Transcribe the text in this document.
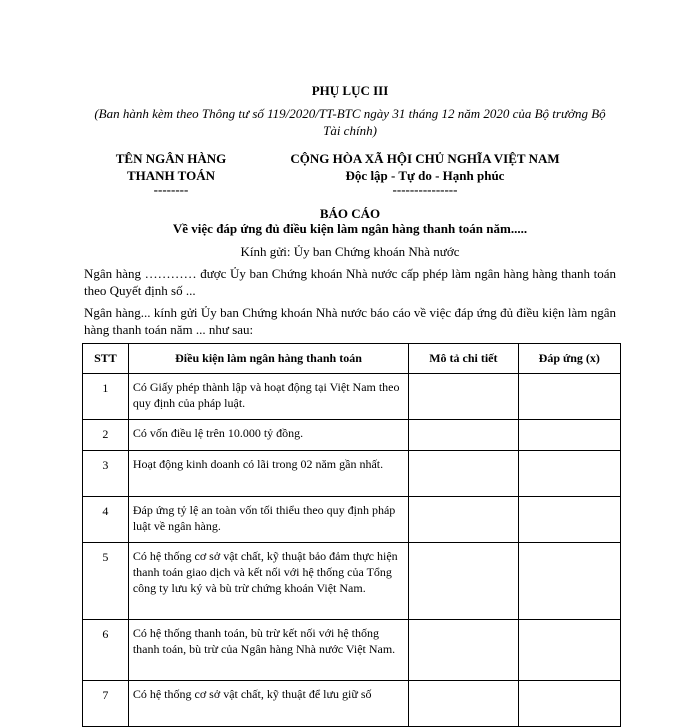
PHỤ LỤC III
(Ban hành kèm theo Thông tư số 119/2020/TT-BTC ngày 31 tháng 12 năm 2020 của Bộ trưởng Bộ Tài chính)
TÊN NGÂN HÀNG
THANH TOÁN
--------
CỘNG HÒA XÃ HỘI CHỦ NGHĨA VIỆT NAM
Độc lập - Tự do - Hạnh phúc
---------------
BÁO CÁO
Về việc đáp ứng đủ điều kiện làm ngân hàng thanh toán năm.....
Kính gửi: Ủy ban Chứng khoán Nhà nước
Ngân hàng ………… được Ủy ban Chứng khoán Nhà nước cấp phép làm ngân hàng hàng thanh toán theo Quyết định số ...
Ngân hàng... kính gửi Ủy ban Chứng khoán Nhà nước báo cáo về việc đáp ứng đủ điều kiện làm ngân hàng thanh toán năm ... như sau:
STT	Điều kiện làm ngân hàng thanh toán	Mô tả chi tiết	Đáp ứng (x)
1	Có Giấy phép thành lập và hoạt động tại Việt Nam theo quy định của pháp luật.		
2	Có vốn điều lệ trên 10.000 tỷ đồng.		
3	Hoạt động kinh doanh có lãi trong 02 năm gần nhất.		
4	Đáp ứng tỷ lệ an toàn vốn tối thiểu theo quy định pháp luật về ngân hàng.		
5	Có hệ thống cơ sở vật chất, kỹ thuật bảo đảm thực hiện thanh toán giao dịch và kết nối với hệ thống của Tổng công ty lưu ký và bù trừ chứng khoán Việt Nam.		
6	Có hệ thống thanh toán, bù trừ kết nối với hệ thống thanh toán, bù trừ của Ngân hàng Nhà nước Việt Nam.		
7	Có hệ thống cơ sở vật chất, kỹ thuật để lưu giữ số		
